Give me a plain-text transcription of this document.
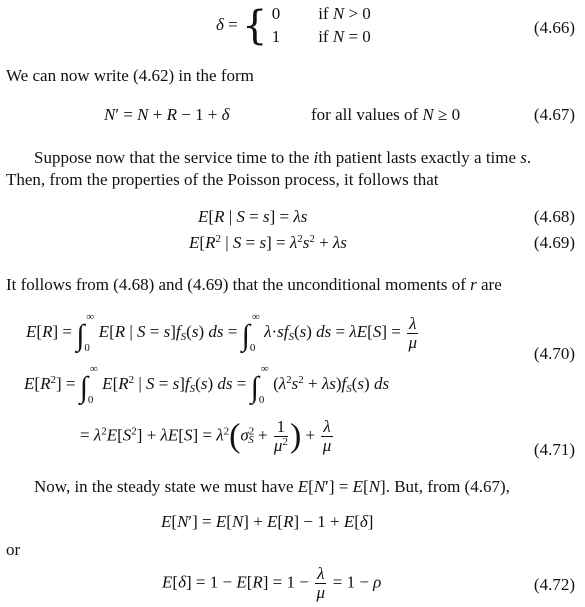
δ = { 0 if N > 0
1 if N = 0	(4.66)
We can now write (4.62) in the form
N′ = N + R − 1 + δ	for all values of N ≥ 0	(4.67)
Suppose now that the service time to the ith patient lasts exactly a time s.
Then, from the properties of the Poisson process, it follows that
E[R | S = s] = λs	(4.68)
$E[R^2$ | $S = s] = \lambda^2s^2 + \lambda s$	(4.69)
It follows from (4.68) and (4.69) that the unconditional moments of r are
E[R] = ∫
∞
0
E[R | $S = s]f_S(s)$ ds = ∫
∞
0
$\lambda\cdot sf_S(s)$ ds = $\lambda E[S] = \frac{\lambda}{\mu}$
(4.70)
$E[R^2]$ = ∫
∞
0
$E[R^2$ | $S = s]f_S(s)$ ds = ∫
∞
0
$(\lambda^2s^2 + \lambda s)f_S(s)$ ds
= $\lambda^2E[S^2] + \lambda E[S] = \lambda^2(\sigma^2_S + \frac{1}{\mu^2}$ ) + $\frac{\lambda}{\mu}$	(4.71)
Now, in the steady state we must have E[N′] = E[N]. But, from (4.67),
E[N′] = E[N] + E[R] − 1 + E[δ]
or
$E[\delta] = 1 - E[R] = 1 - \frac{\lambda}{\mu} = 1 - \rho$	(4.72)
